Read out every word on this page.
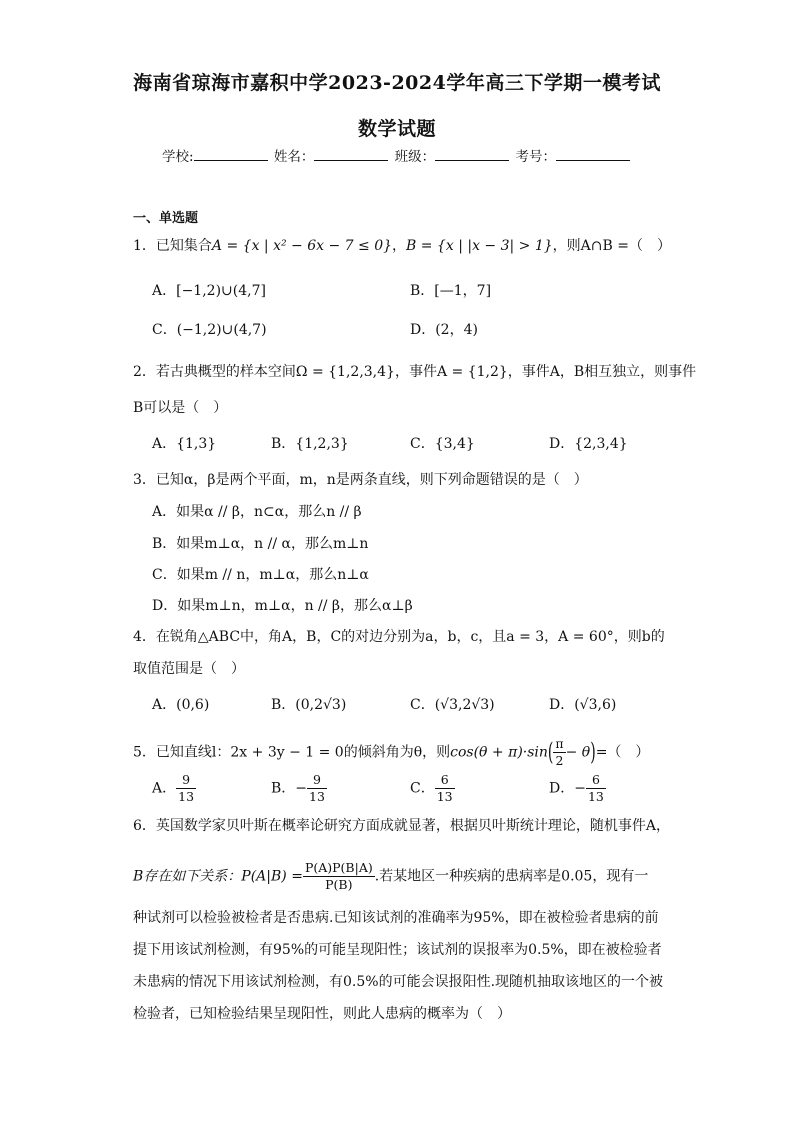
海南省琼海市嘉积中学2023-2024学年高三下学期一模考试
数学试题
学校:	姓名：	班级：	考号：
一、单选题
1．已知集合A = {x | x² − 6x − 7 ≤ 0}，B = {x | |x − 3| > 1}，则A∩B =（　）
A．[−1,2)∪(4,7]	B．[—1，7]
C．(−1,2)∪(4,7)	D．(2，4)
2．若古典概型的样本空间Ω = {1,2,3,4}，事件A = {1,2}，事件A，B相互独立，则事件
B可以是（　）
A．{1,3}	B．{1,2,3}	C．{3,4}	D．{2,3,4}
3．已知α，β是两个平面，m，n是两条直线，则下列命题错误的是（　）
A．如果α // β，n⊂α，那么n // β
B．如果m⊥α，n // α，那么m⊥n
C．如果m // n，m⊥α，那么n⊥α
D．如果m⊥n，m⊥α，n // β，那么α⊥β
4．在锐角△ABC中，角A，B，C的对边分别为a，b，c，且a = 3，A = 60°，则b的
取值范围是（　）
A．(0,6)	B．(0,2√3)	C．(√3,2√3)	D．(√3,6)
5．已知直线l：2x + 3y − 1 = 0的倾斜角为θ，则$\cos(\theta + \pi)\cdot\sin( \frac{\pi}{2} - \theta)=$（　）
A． $\frac{9}{13}$	B．− $\frac{9}{13}$	C． $\frac{6}{13}$	D．− $\frac{6}{13}$
6．英国数学家贝叶斯在概率论研究方面成就显著，根据贝叶斯统计理论，随机事件A，
B存在如下关系：$P(A|B) = \frac{P(A)P(B|A)}{P(B)}$ .若某地区一种疾病的患病率是0.05，现有一
种试剂可以检验被检者是否患病.已知该试剂的准确率为95%，即在被检验者患病的前
提下用该试剂检测，有95%的可能呈现阳性；该试剂的误报率为0.5%，即在被检验者
未患病的情况下用该试剂检测，有0.5%的可能会误报阳性.现随机抽取该地区的一个被
检验者，已知检验结果呈现阳性，则此人患病的概率为（　）
